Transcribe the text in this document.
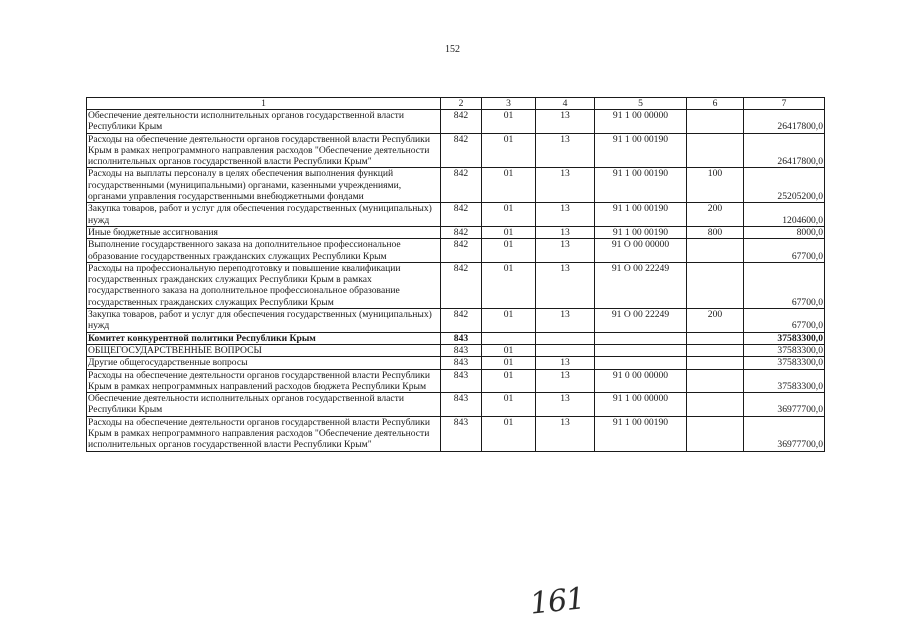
152
1	2	3	4	5	6	7
Обеспечение деятельности исполнительных органов государственной власти Республики Крым	842	01	13	91 1 00 00000		26417800,0
Расходы на обеспечение деятельности органов государственной власти Республики Крым в рамках непрограммного направления расходов "Обеспечение деятельности исполнительных органов государственной власти Республики Крым"	842	01	13	91 1 00 00190		26417800,0
Расходы на выплаты персоналу в целях обеспечения выполнения функций государственными (муниципальными) органами, казенными учреждениями, органами управления государственными внебюджетными фондами	842	01	13	91 1 00 00190	100	25205200,0
Закупка товаров, работ и услуг для обеспечения государственных (муниципальных) нужд	842	01	13	91 1 00 00190	200	1204600,0
Иные бюджетные ассигнования	842	01	13	91 1 00 00190	800	8000,0
Выполнение государственного заказа на дополнительное профессиональное образование государственных гражданских служащих Республики Крым	842	01	13	91 О 00 00000		67700,0
Расходы на профессиональную переподготовку и повышение квалификации государственных гражданских служащих Республики Крым в рамках государственного заказа на дополнительное профессиональное образование государственных гражданских служащих Республики Крым	842	01	13	91 О 00 22249		67700,0
Закупка товаров, работ и услуг для обеспечения государственных (муниципальных) нужд	842	01	13	91 О 00 22249	200	67700,0
Комитет конкурентной политики Республики Крым	843					37583300,0
ОБЩЕГОСУДАРСТВЕННЫЕ ВОПРОСЫ	843	01				37583300,0
Другие общегосударственные вопросы	843	01	13			37583300,0
Расходы на обеспечение деятельности органов государственной власти Республики Крым в рамках непрограммных направлений расходов бюджета Республики Крым	843	01	13	91 0 00 00000		37583300,0
Обеспечение деятельности исполнительных органов государственной власти Республики Крым	843	01	13	91 1 00 00000		36977700,0
Расходы на обеспечение деятельности органов государственной власти Республики Крым в рамках непрограммного направления расходов "Обеспечение деятельности исполнительных органов государственной власти Республики Крым"	843	01	13	91 1 00 00190		36977700,0
161
